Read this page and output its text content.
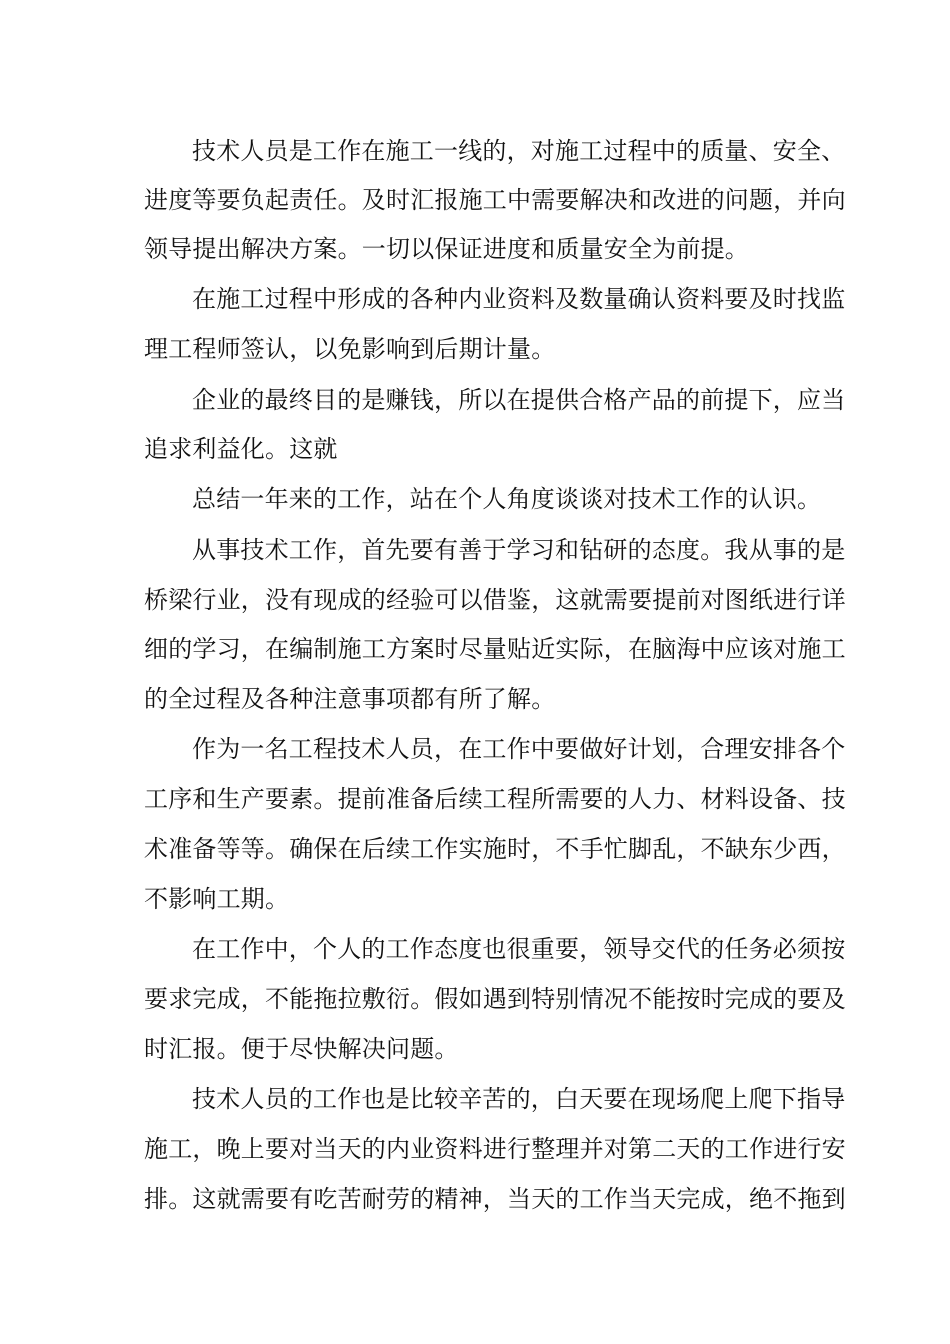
技术人员是工作在施工一线的，对施工过程中的质量、安全、

进度等要负起责任。及时汇报施工中需要解决和改进的问题，并向

领导提出解决方案。一切以保证进度和质量安全为前提。

在施工过程中形成的各种内业资料及数量确认资料要及时找监

理工程师签认，以免影响到后期计量。

企业的最终目的是赚钱，所以在提供合格产品的前提下，应当

追求利益化。这就

总结一年来的工作，站在个人角度谈谈对技术工作的认识。

从事技术工作，首先要有善于学习和钻研的态度。我从事的是

桥梁行业，没有现成的经验可以借鉴，这就需要提前对图纸进行详

细的学习，在编制施工方案时尽量贴近实际，在脑海中应该对施工

的全过程及各种注意事项都有所了解。

作为一名工程技术人员，在工作中要做好计划，合理安排各个

工序和生产要素。提前准备后续工程所需要的人力、材料设备、技

术准备等等。确保在后续工作实施时，不手忙脚乱，不缺东少西，

不影响工期。

在工作中，个人的工作态度也很重要，领导交代的任务必须按

要求完成，不能拖拉敷衍。假如遇到特别情况不能按时完成的要及

时汇报。便于尽快解决问题。

技术人员的工作也是比较辛苦的，白天要在现场爬上爬下指导

施工，晚上要对当天的内业资料进行整理并对第二天的工作进行安

排。这就需要有吃苦耐劳的精神，当天的工作当天完成，绝不拖到
